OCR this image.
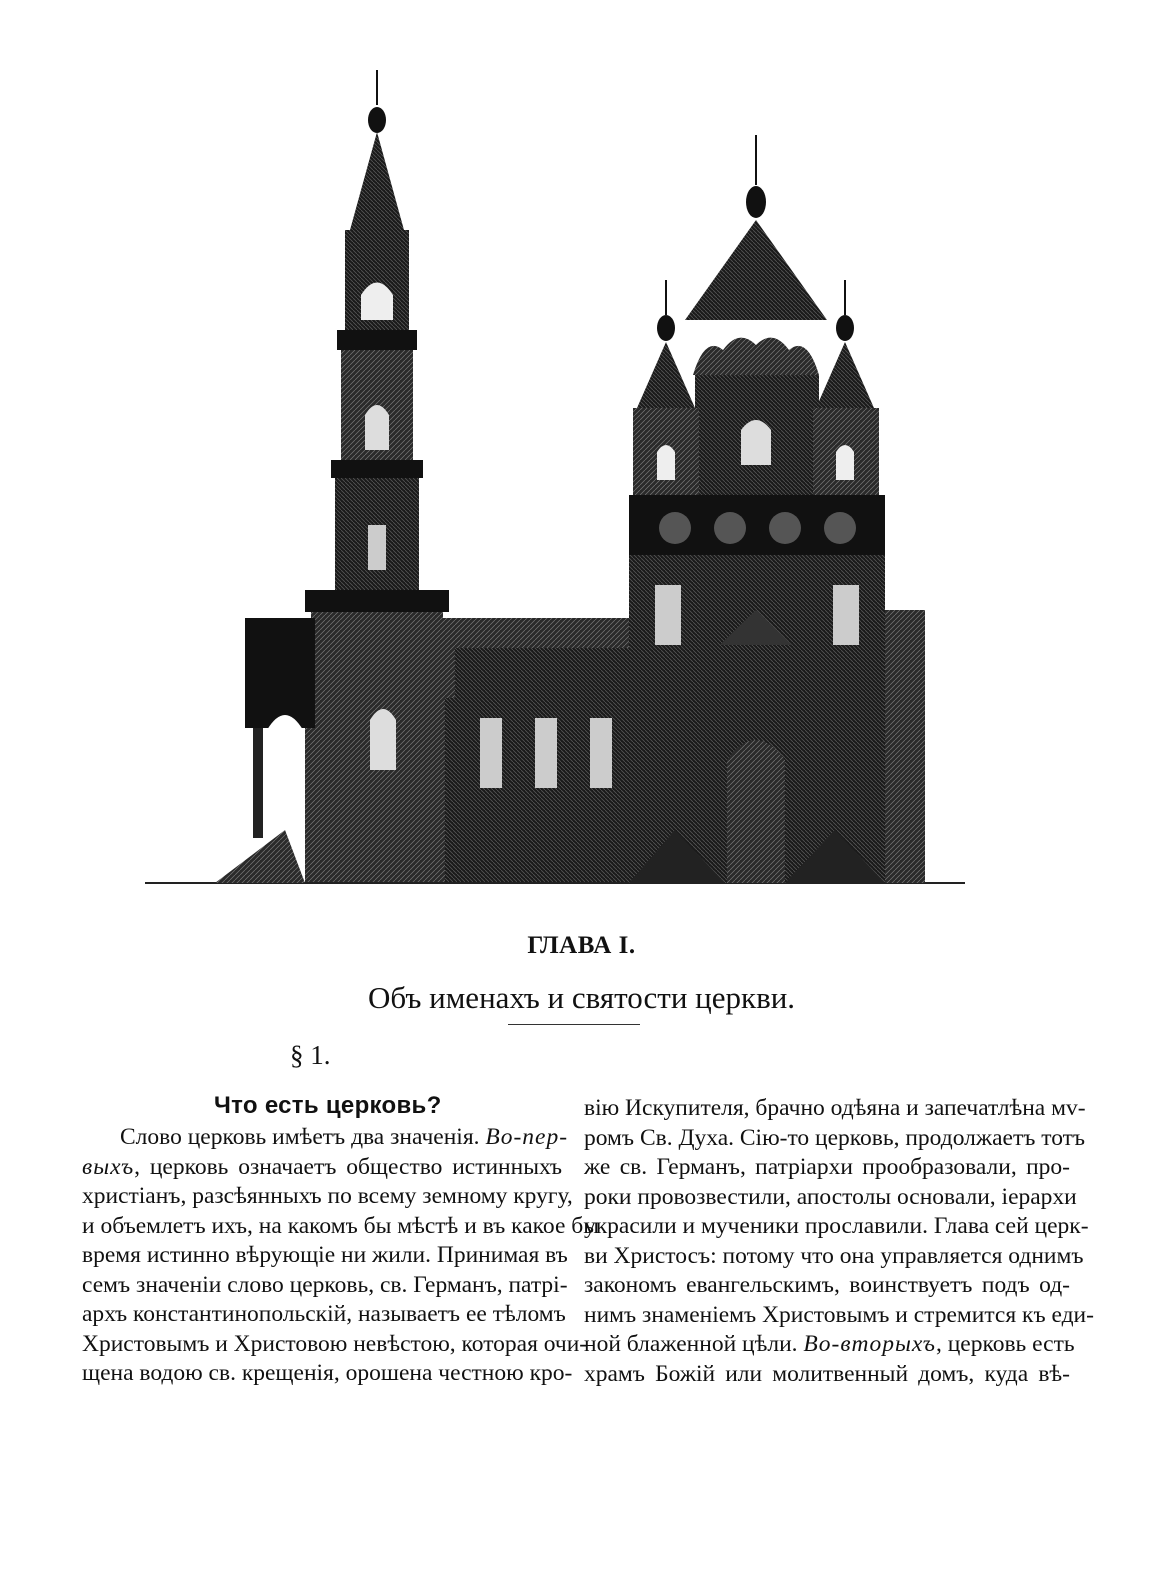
ГЛАВА I.
Объ именахъ и святости церкви.
§ 1.
Что есть церковь?
Слово церковь имѣетъ два значенія. Во-пер-
выхъ, церковь означаетъ общество истинныхъ
христіанъ, разсѣянныхъ по всему земному кругу,
и объемлетъ ихъ, на какомъ бы мѣстѣ и въ какое бы
время истинно вѣрующіе ни жили. Принимая въ
семъ значеніи слово церковь, св. Германъ, патрі-
архъ константинопольскій, называетъ ее тѣломъ
Христовымъ и Христовою невѣстою, которая очи-
щена водою св. крещенія, орошена честною кро-
вію Искупителя, брачно одѣяна и запечатлѣна мv-
ромъ Св. Духа. Сію-то церковь, продолжаетъ тотъ
же св. Германъ, патріархи прообразовали, про-
роки провозвестили, апостолы основали, іерархи
украсили и мученики прославили. Глава сей церк-
ви Христосъ: потому что она управляется однимъ
закономъ евангельскимъ, воинствуетъ подъ од-
нимъ знаменіемъ Христовымъ и стремится къ еди-
ной блаженной цѣли. Во-вторыхъ, церковь есть
храмъ Божій или молитвенный домъ, куда вѣ-
